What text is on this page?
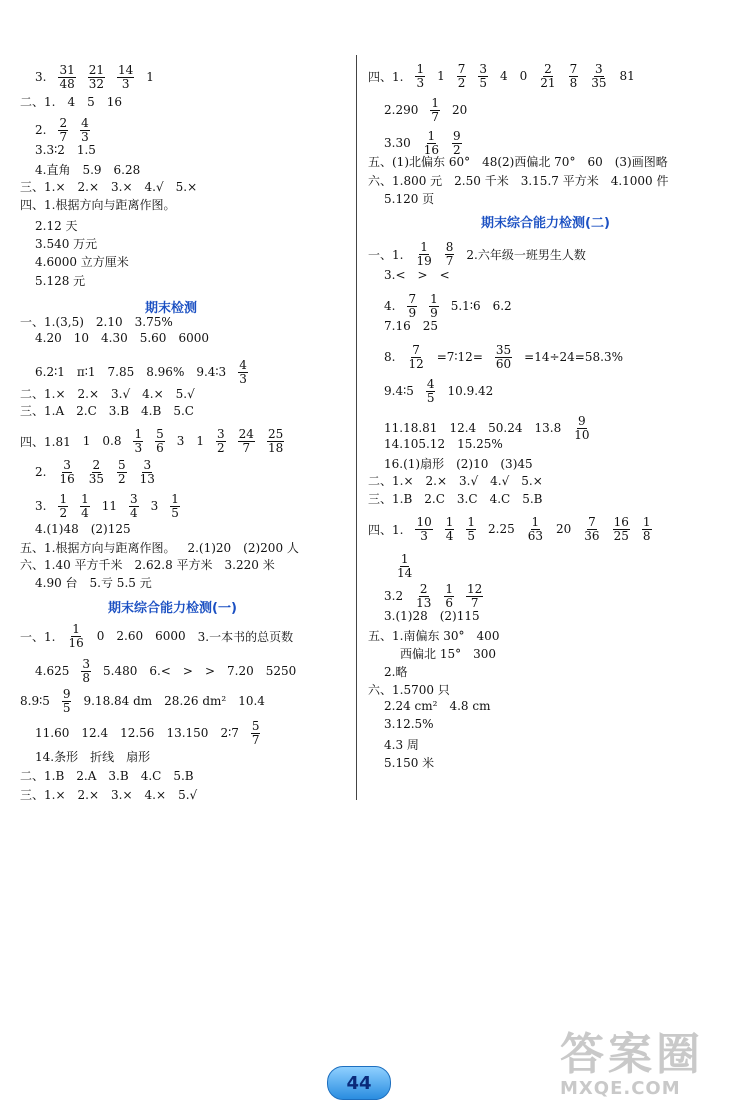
3. $\frac{31}{48} \frac{21}{32} \frac{14}{3} 1$
二、1. 4 5 16
2. $\frac{2}{7} \frac{4}{3}$
3.3∶2 1.5
4.直角 5.9 6.28
三、1.× 2.× 3.× 4.√ 5.×
四、1.根据方向与距离作图。
2.12 天
3.540 万元
4.6000 立方厘米
5.128 元
一、1.(3,5) 2.10 3.75%
4.20 10 4.30 5.60 6000
6.2∶1 π∶1 7.85 8.96% 9.4∶3 $\frac{4}{3}$
二、1.× 2.× 3.√ 4.× 5.√
三、1.A 2.C 3.B 4.B 5.C
四、1.81 1 $0.8 \frac{1}{3} \frac{5}{6} 3$ $1 \frac{3}{2} \frac{24}{7} \frac{25}{18}$
2. $\frac{3}{16} \frac{2}{35} \frac{5}{2} \frac{3}{13}$
3. $\frac{1}{2} \frac{1}{4} 11 \frac{3}{4} 3 \frac{1}{5}$
4.(1)48 (2)125
五、1.根据方向与距离作图。 2.(1)20 (2)200 人
六、1.40 平方千米 2.62.8 平方米 3.220 米
4.90 台 5.亏 5.5 元
一、1. $\frac{1}{16} 0$ 2.60 6000 3.一本书的总页数
$4.625 \frac{3}{8} 5.480$ 6.< > > 7.20 5250
8.9∶5 $\frac{9}{5} 9.18.84$ dm 28.26 dm² 10.4
11.60 12.4 12.56 13.150 2∶7 $\frac{5}{7}$
14.条形 折线 扇形
二、1.B 2.A 3.B 4.C 5.B
三、1.× 2.× 3.× 4.× 5.√
四、1. $\frac{1}{3} 1 \frac{7}{2} \frac{3}{5} 4$ $0 \frac{2}{21} \frac{7}{8} \frac{3}{35} 81$
$2.290 \frac{1}{7} 20$
$3.30 \frac{1}{16} \frac{9}{2}$
五、(1)北偏东 60° 48(2)西偏北 70° 60 (3)画图略
六、1.800 元 2.50 千米 3.15.7 平方米 4.1000 件
5.120 页
一、1. $\frac{1}{19} \frac{8}{7} 2$.六年级一班男生人数
3.< > <
4. $\frac{7}{9} \frac{1}{9}$ 5.1∶6 6.2
7.16 25
8. $\frac{7}{12}$ =7∶12= $\frac{35}{60} =14\div 24=58.3\%$
9.4∶5 $\frac{4}{5} 10.9.42$
11.18.81 12.4 50.24 $13.8 \frac{9}{10}$
14.105.12 15.25%
16.(1)扇形 (2)10 (3)45
二、1.× 2.× 3.√ 4.√ 5.×
三、1.B 2.C 3.C 4.C 5.B
四、1. $\frac{10}{3} \frac{1}{4} \frac{1}{5} 2.25 \frac{1}{63} 20 \frac{7}{36} \frac{16}{25} \frac{1}{8}$
$\frac{1}{14}$
$3.2 \frac{2}{13} \frac{1}{6} \frac{12}{7}$
3.(1)28 (2)115
五、1.南偏东 30° 400
西偏北 15° 300
2.略
六、1.5700 只
2.24 cm² 4.8 cm
3.12.5%
4.3 周
5.150 米
期末检测
期末综合能力检测(一)
期末综合能力检测(二)
44
答案圈
MXQE.COM
